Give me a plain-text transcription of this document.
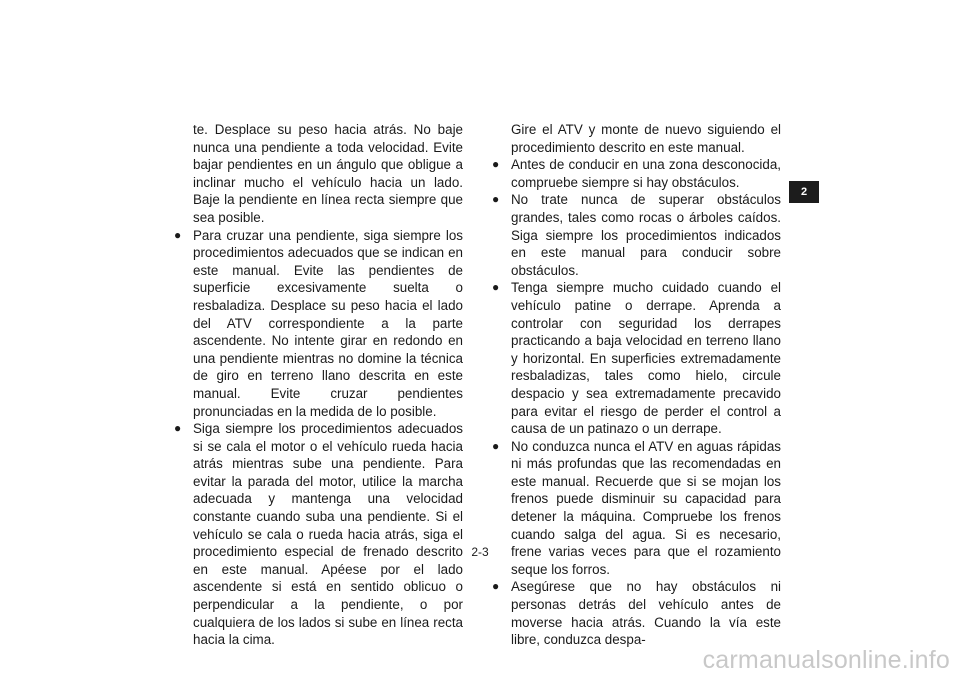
te. Desplace su peso hacia atrás. No baje nunca una pendiente a toda velocidad. Evite bajar pendientes en un ángulo que obligue a inclinar mucho el vehículo hacia un lado. Baje la pendiente en línea recta siempre que sea posible.

● Para cruzar una pendiente, siga siempre los procedimientos adecuados que se indican en este manual. Evite las pendientes de superficie excesivamente suelta o resbaladiza. Desplace su peso hacia el lado del ATV correspondiente a la parte ascendente. No intente girar en redondo en una pendiente mientras no domine la técnica de giro en terreno llano descrita en este manual. Evite cruzar pendientes pronunciadas en la medida de lo posible.
● Siga siempre los procedimientos adecuados si se cala el motor o el vehículo rueda hacia atrás mientras sube una pendiente. Para evitar la parada del motor, utilice la marcha adecuada y mantenga una velocidad constante cuando suba una pendiente. Si el vehículo se cala o rueda hacia atrás, siga el procedimiento especial de frenado descrito en este manual. Apéese por el lado ascendente si está en sentido oblicuo o perpendicular a la pendiente, o por cualquiera de los lados si sube en línea recta hacia la cima.

Gire el ATV y monte de nuevo siguiendo el procedimiento descrito en este manual.

● Antes de conducir en una zona desconocida, compruebe siempre si hay obstáculos.
● No trate nunca de superar obstáculos grandes, tales como rocas o árboles caídos. Siga siempre los procedimientos indicados en este manual para conducir sobre obstáculos.
● Tenga siempre mucho cuidado cuando el vehículo patine o derrape. Aprenda a controlar con seguridad los derrapes practicando a baja velocidad en terreno llano y horizontal. En superficies extremadamente resbaladizas, tales como hielo, circule despacio y sea extremadamente precavido para evitar el riesgo de perder el control a causa de un patinazo o un derrape.
● No conduzca nunca el ATV en aguas rápidas ni más profundas que las recomendadas en este manual. Recuerde que si se mojan los frenos puede disminuir su capacidad para detener la máquina. Compruebe los frenos cuando salga del agua. Si es necesario, frene varias veces para que el rozamiento seque los forros.
● Asegúrese que no hay obstáculos ni personas detrás del vehículo antes de moverse hacia atrás. Cuando la vía este libre, conduzca despa-
2-3
2
carmanualsonline.info
